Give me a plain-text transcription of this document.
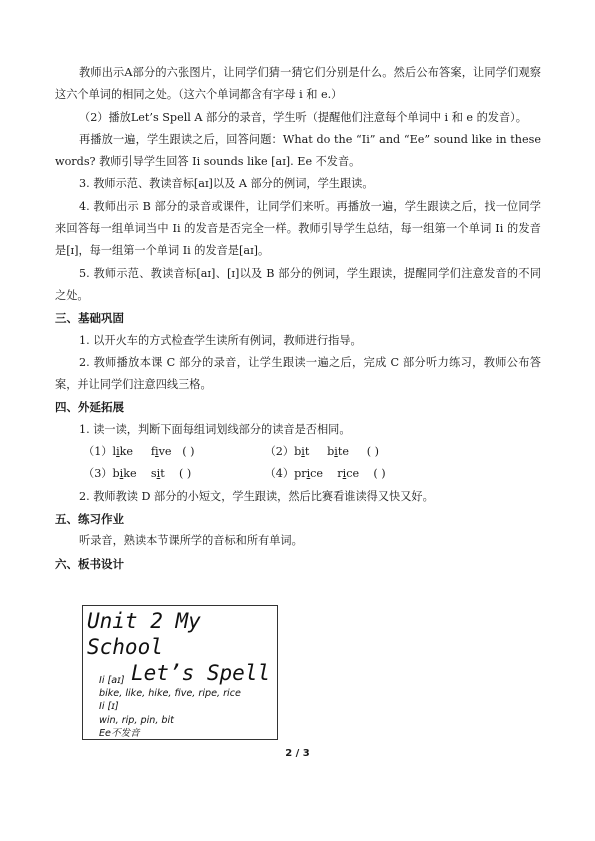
教师出示A部分的六张图片，让同学们猜一猜它们分别是什么。然后公布答案，让同学们观察这六个单词的相同之处。（这六个单词都含有字母 i 和 e.）

（2）播放Let’s Spell A 部分的录音，学生听（提醒他们注意每个单词中 i 和 e 的发音）。

再播放一遍，学生跟读之后，回答问题：What do the “Ii” and “Ee” sound like in these words? 教师引导学生回答 Ii sounds like [aɪ]. Ee 不发音。

3. 教师示范、教读音标[aɪ]以及 A 部分的例词，学生跟读。

4. 教师出示 B 部分的录音或课件，让同学们来听。再播放一遍，学生跟读之后，找一位同学来回答每一组单词当中 Ii 的发音是否完全一样。教师引导学生总结，每一组第一个单词 Ii 的发音是[ɪ]，每一组第一个单词 Ii 的发音是[aɪ]。

5. 教师示范、教读音标[aɪ]、[ɪ]以及 B 部分的例词，学生跟读，提醒同学们注意发音的不同之处。

三、基础巩固

1. 以开火车的方式检查学生读所有例词，教师进行指导。

2. 教师播放本课 C 部分的录音，让学生跟读一遍之后，完成 C 部分听力练习，教师公布答案，并让同学们注意四线三格。

四、外延拓展

1. 读一读，判断下面每组词划线部分的读音是否相同。

（1）like five ( )	（2）bit bite ( )

（3）bike sit ( )	（4）price rice ( )

2. 教师教读 D 部分的小短文，学生跟读，然后比赛看谁读得又快又好。

五、练习作业

听录音，熟读本节课所学的音标和所有单词。

六、板书设计

Unit 2 My School
Let’s Spell
Ii [aɪ]
bike, like, hike, five, ripe, rice
Ii [ɪ]
win, rip, pin, bit
Ee不发音
2 / 3
